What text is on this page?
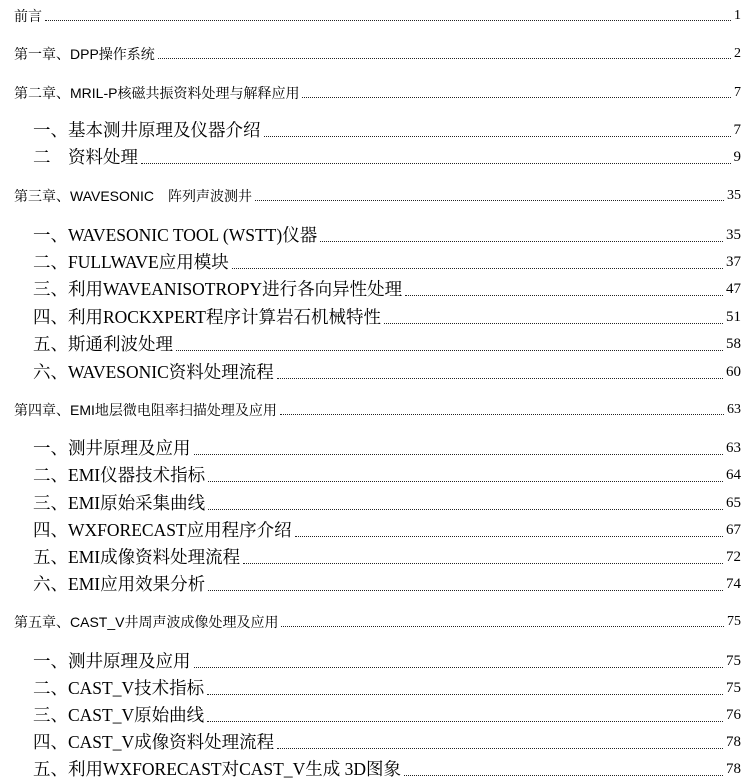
前言	1
第一章、DPP操作系统	2
第二章、MRIL-P核磁共振资料处理与解释应用	7
一、基本测井原理及仪器介绍	7
二　资料处理	9
第三章、WAVESONIC　阵列声波测井	35
一、WAVESONIC TOOL (WSTT)仪器	35
二、FULLWAVE应用模块	37
三、利用WAVEANISOTROPY进行各向异性处理	47
四、利用ROCKXPERT程序计算岩石机械特性	51
五、斯通利波处理	58
六、WAVESONIC资料处理流程	60
第四章、EMI地层微电阻率扫描处理及应用	63
一、测井原理及应用	63
二、EMI仪器技术指标	64
三、EMI原始采集曲线	65
四、WXFORECAST应用程序介绍	67
五、EMI成像资料处理流程	72
六、EMI应用效果分析	74
第五章、CAST_V井周声波成像处理及应用	75
一、测井原理及应用	75
二、CAST_V技术指标	75
三、CAST_V原始曲线	76
四、CAST_V成像资料处理流程	78
五、利用WXFORECAST对CAST_V生成 3D图象	78
